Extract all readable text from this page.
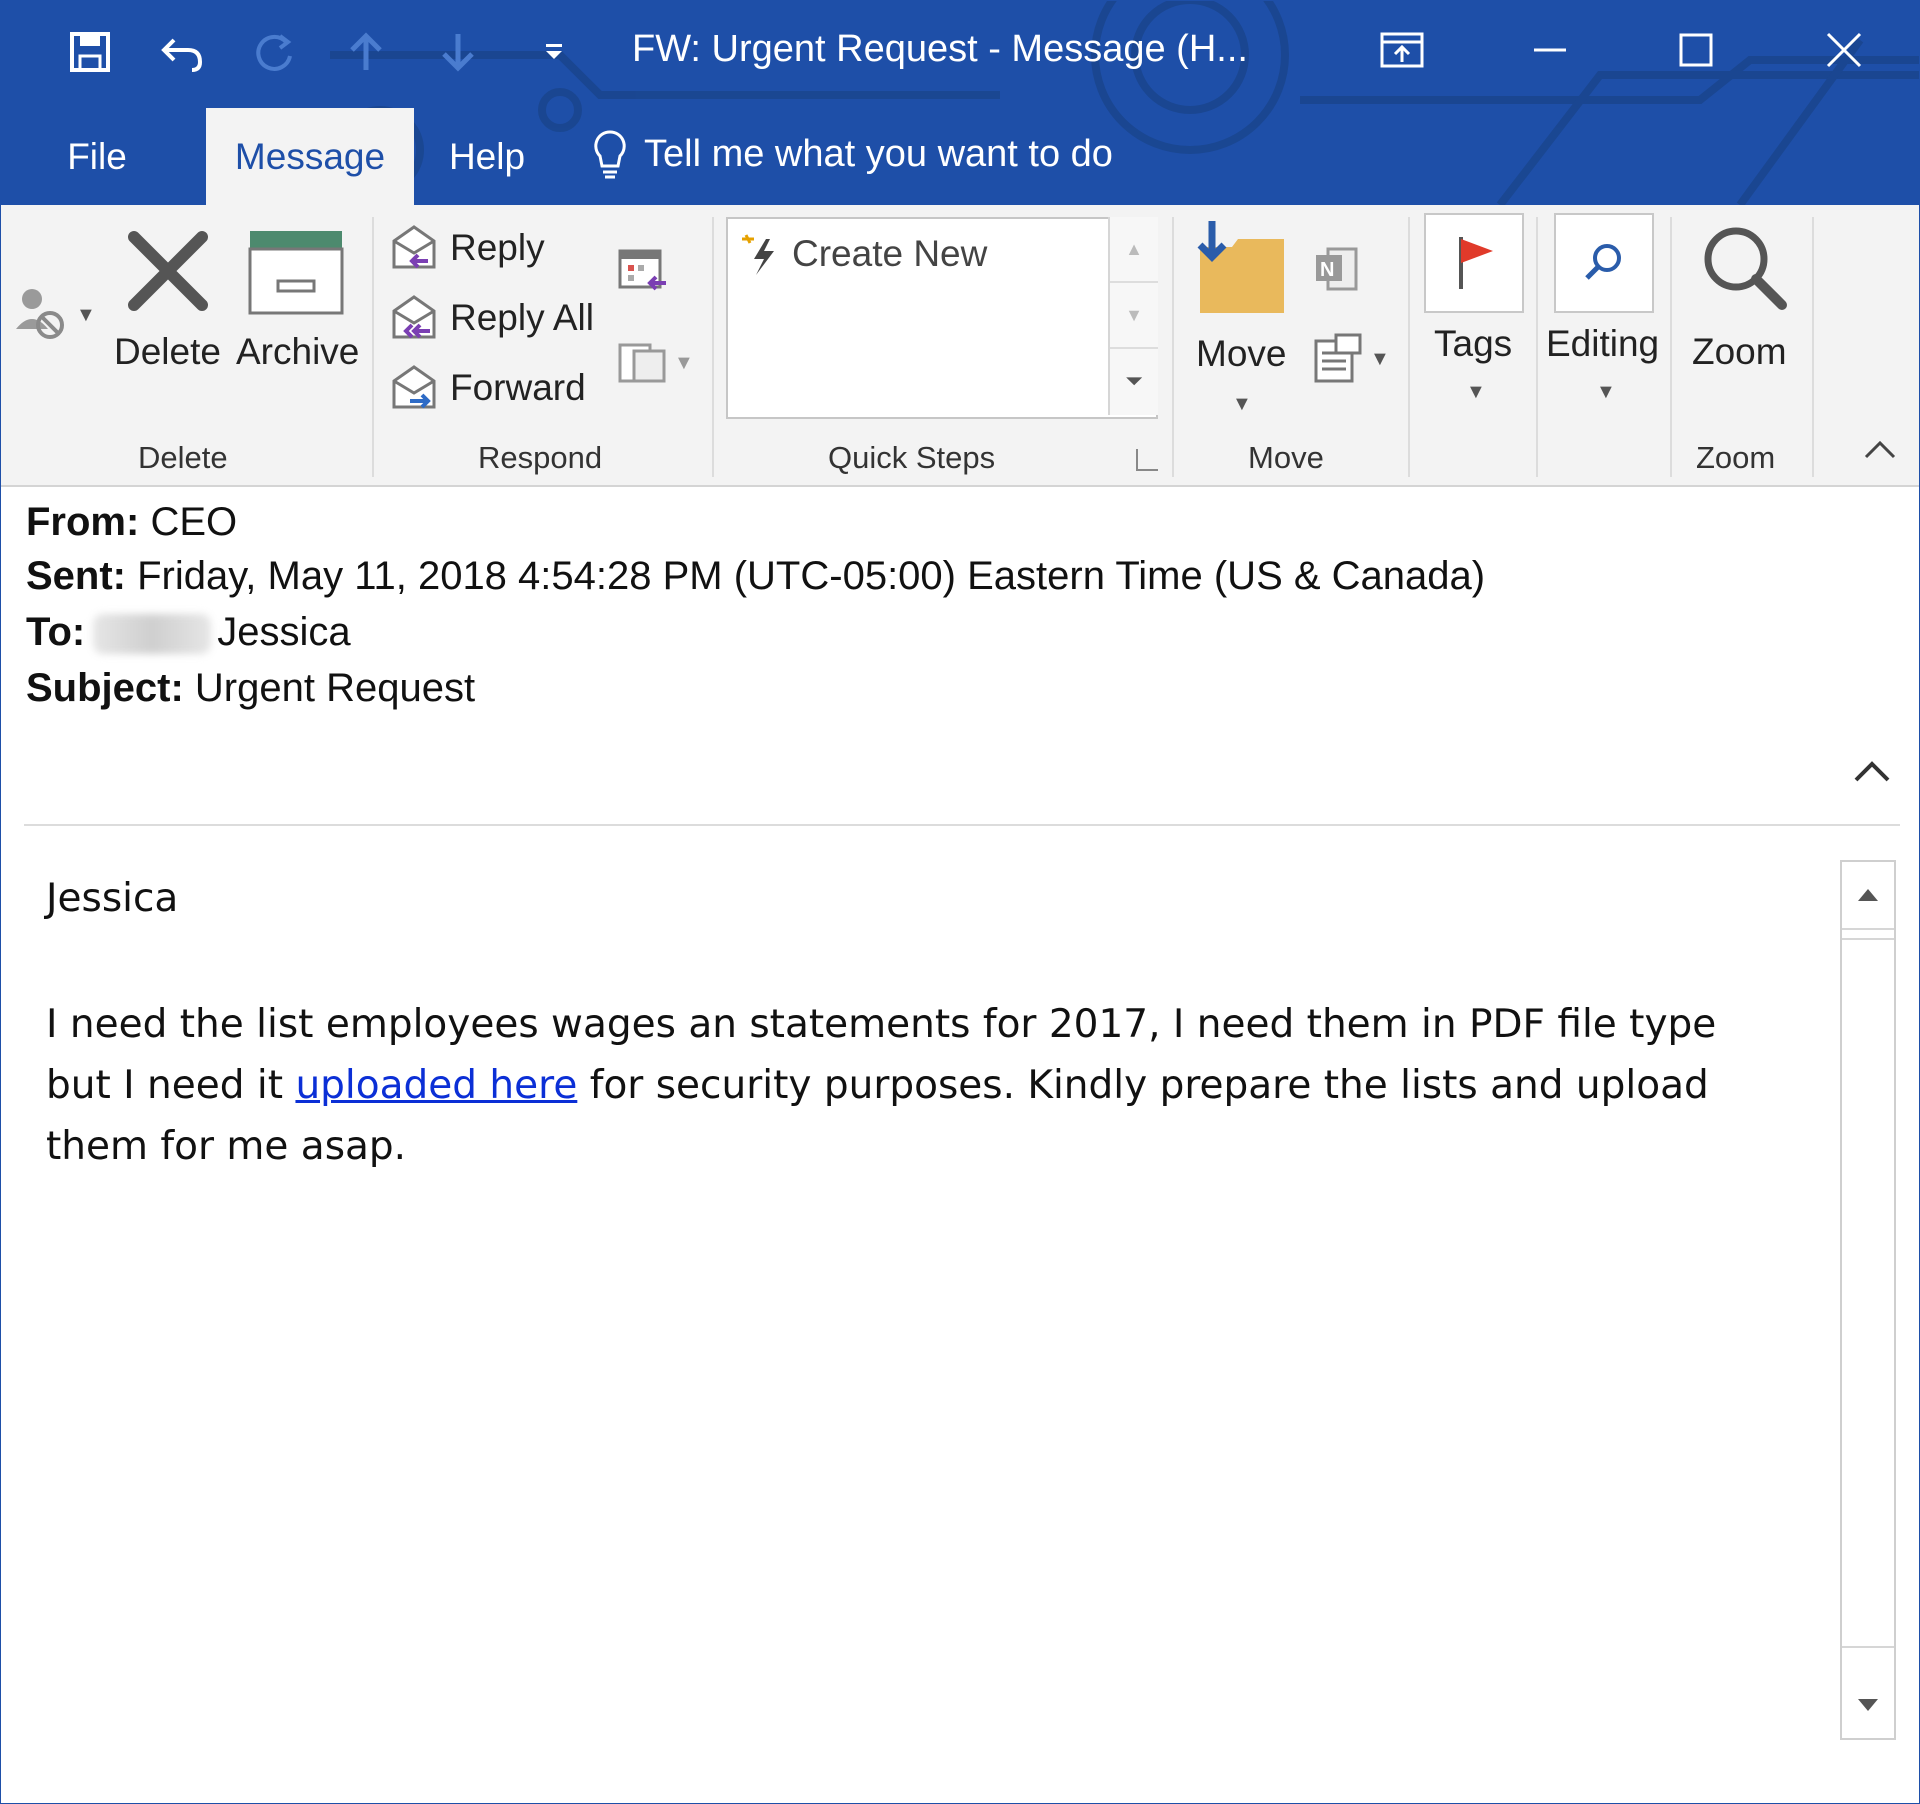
FW: Urgent Request - Message (H...
File	Message	Help	Tell me what you want to do
▼
Delete Archive
Delete
Reply
Reply All
Forward
▼
Respond
Create New	▲
▼
⏷
Quick Steps
Move
▼
N
▼
Move
Tags
▼
Editing
▼
Zoom
Zoom
From: CEO
Sent: Friday, May 11, 2018 4:54:28 PM (UTC-05:00) Eastern Time (US & Canada)
To:	Jessica
Subject: Urgent Request
Jessica
I need the list employees wages an statements for 2017, I need them in PDF file type but I need it uploaded here for security purposes. Kindly prepare the lists and upload them for me asap.
